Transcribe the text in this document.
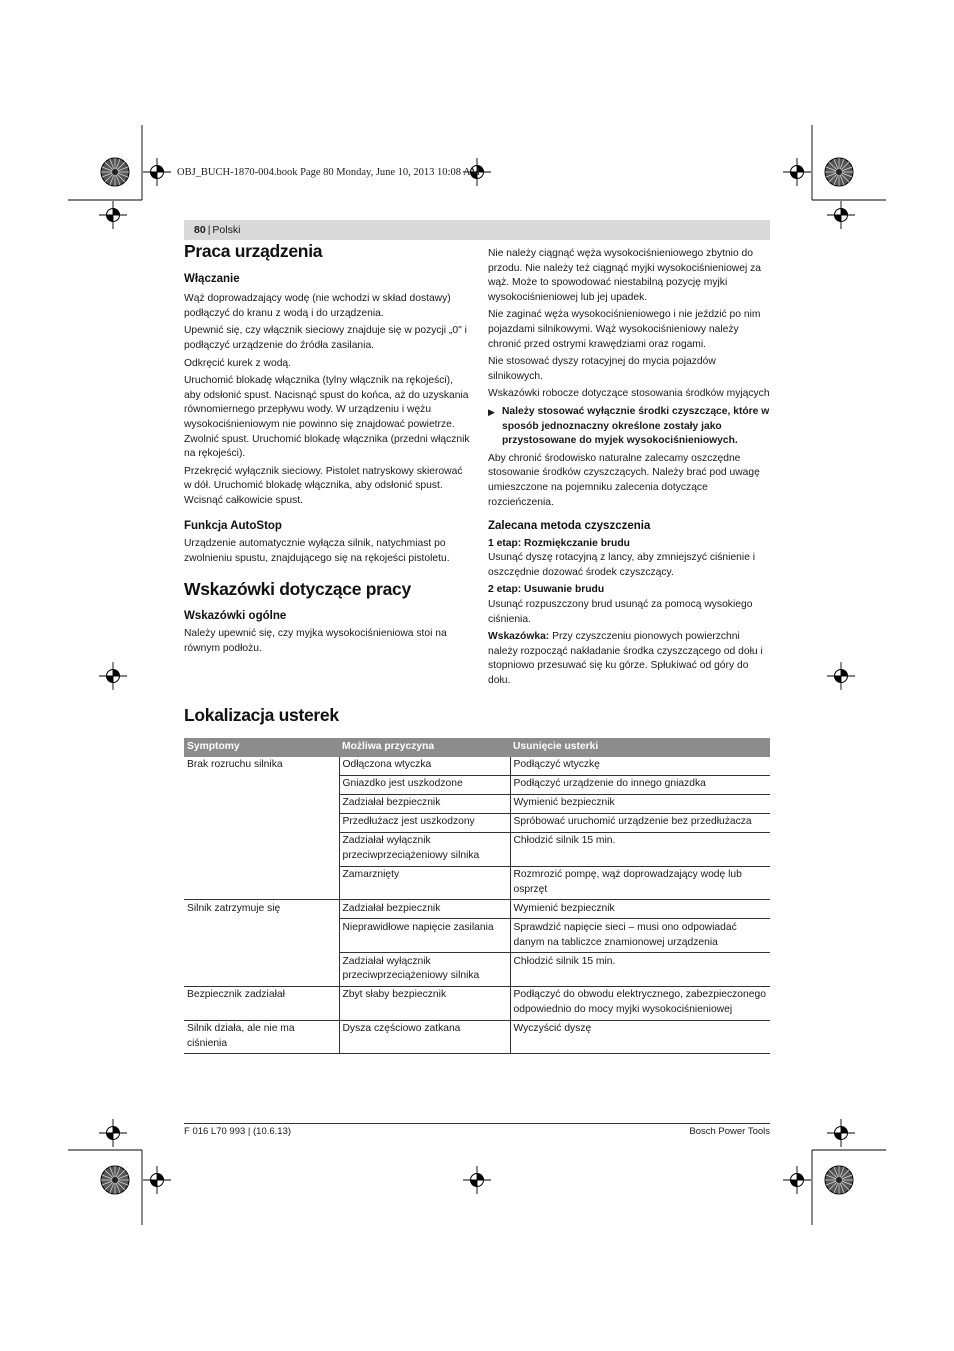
OBJ_BUCH-1870-004.book Page 80 Monday, June 10, 2013 10:08 AM
80 | Polski
Praca urządzenia
Włączanie

Wąż doprowadzający wodę (nie wchodzi w skład dostawy) podłączyć do kranu z wodą i do urządzenia.

Upewnić się, czy włącznik sieciowy znajduje się w pozycji „0" i podłączyć urządzenie do źródła zasilania.

Odkręcić kurek z wodą.

Uruchomić blokadę włącznika (tylny włącznik na rękojeści), aby odsłonić spust. Nacisnąć spust do końca, aż do uzyskania równomiernego przepływu wody. W urządzeniu i wężu wysokociśnieniowym nie powinno się znajdować powietrze. Zwolnić spust. Uruchomić blokadę włącznika (przedni włącznik na rękojeści).

Przekręcić wyłącznik sieciowy. Pistolet natryskowy skierować w dół. Uruchomić blokadę włącznika, aby odsłonić spust. Wcisnąć całkowicie spust.

Funkcja AutoStop

Urządzenie automatycznie wyłącza silnik, natychmiast po zwolnieniu spustu, znajdującego się na rękojeści pistoletu.

Wskazówki dotyczące pracy
Wskazówki ogólne

Należy upewnić się, czy myjka wysokociśnieniowa stoi na równym podłożu.

Nie należy ciągnąć węża wysokociśnieniowego zbytnio do przodu. Nie należy też ciągnąć myjki wysokociśnieniowej za wąż. Może to spowodować niestabilną pozycję myjki wysokociśnieniowej lub jej upadek.

Nie zaginać węża wysokociśnieniowego i nie jeździć po nim pojazdami silnikowymi. Wąż wysokociśnieniowy należy chronić przed ostrymi krawędziami oraz rogami.

Nie stosować dyszy rotacyjnej do mycia pojazdów silnikowych.

Wskazówki robocze dotyczące stosowania środków myjących

▶ Należy stosować wyłącznie środki czyszczące, które w sposób jednoznaczny określone zostały jako przystosowane do myjek wysokociśnieniowych.

Aby chronić środowisko naturalne zalecamy oszczędne stosowanie środków czyszczących. Należy brać pod uwagę umieszczone na pojemniku zalecenia dotyczące rozcieńczenia.

Zalecana metoda czyszczenia
1 etap: Rozmiękczanie brudu

Usunąć dyszę rotacyjną z lancy, aby zmniejszyć ciśnienie i oszczędnie dozować środek czyszczący.

2 etap: Usuwanie brudu

Usunąć rozpuszczony brud usunąć za pomocą wysokiego ciśnienia.

Wskazówka: Przy czyszczeniu pionowych powierzchni należy rozpocząć nakładanie środka czyszczącego od dołu i stopniowo przesuwać się ku górze. Spłukiwać od góry do dołu.

Lokalizacja usterek
Symptomy	Możliwa przyczyna	Usunięcie usterki
Brak rozruchu silnika	Odłączona wtyczka	Podłączyć wtyczkę
	Gniazdko jest uszkodzone	Podłączyć urządzenie do innego gniazdka
	Zadziałał bezpiecznik	Wymienić bezpiecznik
	Przedłużacz jest uszkodzony	Spróbować uruchomić urządzenie bez przedłużacza
	Zadziałał wyłącznik przeciwprzeciążeniowy silnika	Chłodzić silnik 15 min.
	Zamarznięty	Rozmrozić pompę, wąż doprowadzający wodę lub osprzęt
Silnik zatrzymuje się	Zadziałał bezpiecznik	Wymienić bezpiecznik
	Nieprawidłowe napięcie zasilania	Sprawdzić napięcie sieci – musi ono odpowiadać danym na tabliczce znamionowej urządzenia
	Zadziałał wyłącznik przeciwprzeciążeniowy silnika	Chłodzić silnik 15 min.
Bezpiecznik zadziałał	Zbyt słaby bezpiecznik	Podłączyć do obwodu elektrycznego, zabezpieczonego odpowiednio do mocy myjki wysokociśnieniowej
Silnik działa, ale nie ma ciśnienia	Dysza częściowo zatkana	Wyczyścić dyszę
F 016 L70 993 | (10.6.13)	Bosch Power Tools
